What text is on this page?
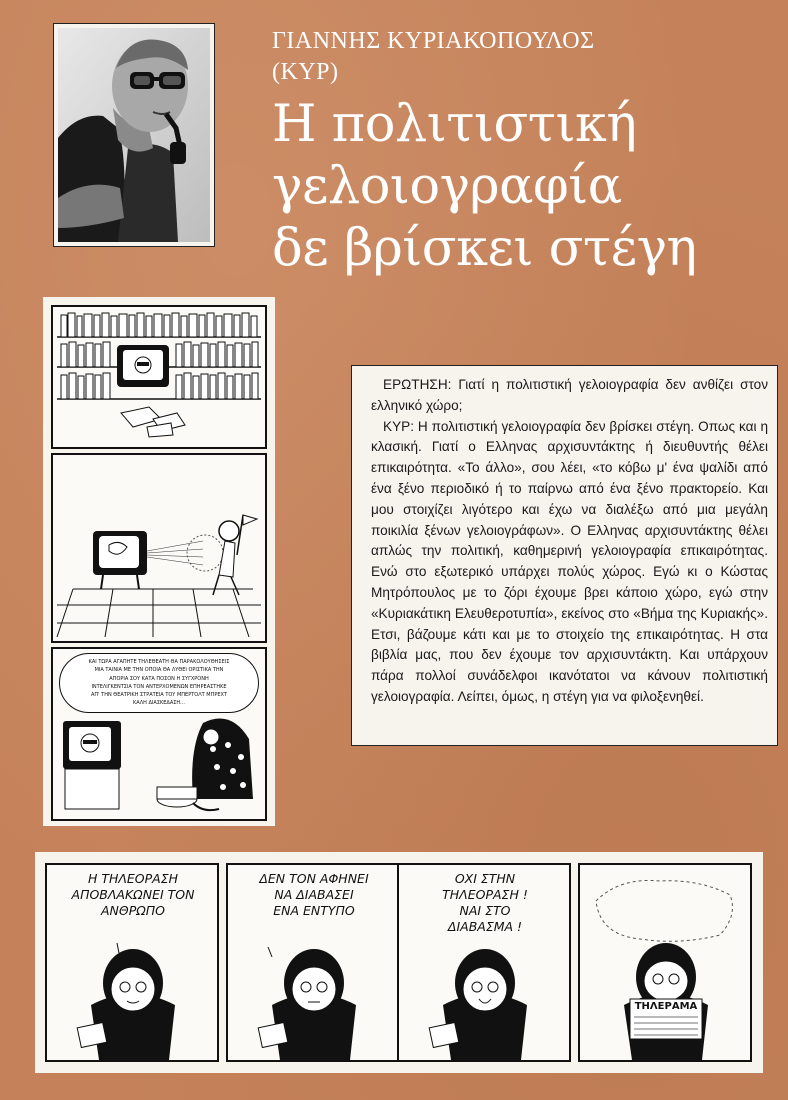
ΓΙΑΝΝΗΣ ΚΥΡΙΑΚΟΠΟΥΛΟΣ
(ΚΥΡ)
Η πολιτιστική
γελοιογραφία
δε βρίσκει στέγη
ΚΑΙ ΤΩΡΑ ΑΓΑΠΗΤΕ ΤΗΛΕΘΕΑΤΗ ΘΑ ΠΑΡΑΚΟΛΟΥΘΗΣΕΙΣ
ΜΙΑ ΤΑΙΝΙΑ ΜΕ ΤΗΝ ΟΠΟΙΑ ΘΑ ΛΥΘΕΙ ΟΡΙΣΤΙΚΑ ΤΗΝ
ΑΠΟΡΙΑ ΣΟΥ ΚΑΤΑ ΠΟΣΟΝ Η ΣΥΓΧΡΟΝΗ
ΙΝΤΕΛΙΓΚΕΝΤΣΙΑ ΤΟΝ ΑΝΤΕΡΧΟΜΕΝΩΝ ΕΠΗΡΕΑΣΤΗΚΕ
ΑΠ' ΤΗΝ ΘΕΑΤΡΙΚΗ ΣΤΡΑΤΕΙΑ ΤΟΥ ΜΠΕΡΤΟΛΤ ΜΠΡΕΧΤ
ΚΑΛΗ ΔΙΑΣΚΕΔΑΣΗ...

ΕΡΩΤΗΣΗ: Γιατί η πολιτιστική γελοιογραφία δεν ανθίζει στον ελληνικό χώρο;

ΚΥΡ: Η πολιτιστική γελοιογραφία δεν βρίσκει στέγη. Οπως και η κλασική. Γιατί ο Ελληνας αρχισυντάκτης ή διευθυντής θέλει επικαιρότητα. «Το άλλο», σου λέει, «το κόβω μ' ένα ψαλίδι από ένα ξένο περιοδικό ή το παίρνω από ένα ξένο πρακτορείο. Και μου στοιχίζει λιγότερο και έχω να διαλέξω από μια μεγάλη ποικιλία ξένων γελοιογράφων». Ο Ελληνας αρχισυντάκτης θέλει απλώς την πολιτική, καθημερινή γελοιογραφία επικαιρότητας. Ενώ στο εξωτερικό υπάρχει πολύς χώρος. Εγώ κι ο Κώστας Μητρόπουλος με το ζόρι έχουμε βρει κάποιο χώρο, εγώ στην «Κυριακάτικη Ελευθεροτυπία», εκείνος στο «Βήμα της Κυριακής». Ετσι, βάζουμε κάτι και με το στοιχείο της επικαιρότητας. Η στα βιβλία μας, που δεν έχουμε τον αρχισυντάκτη. Και υπάρχουν πάρα πολλοί συνάδελφοι ικανότατοι να κάνουν πολιτιστική γελοιογραφία. Λείπει, όμως, η στέγη για να φιλοξενηθεί.

Η ΤΗΛΕΟΡΑΣΗ
ΑΠΟΒΛΑΚΩΝΕΙ ΤΟΝ
ΑΝΘΡΩΠΟ
ΔΕΝ ΤΟΝ ΑΦΗΝΕΙ
ΝΑ ΔΙΑΒΑΣΕΙ
ΕΝΑ ΕΝΤΥΠΟ
ΟΧΙ ΣΤΗΝ
ΤΗΛΕΟΡΑΣΗ !
ΝΑΙ ΣΤΟ
ΔΙΑΒΑΣΜΑ !
ΤΗΛΕΡΑΜΑ
